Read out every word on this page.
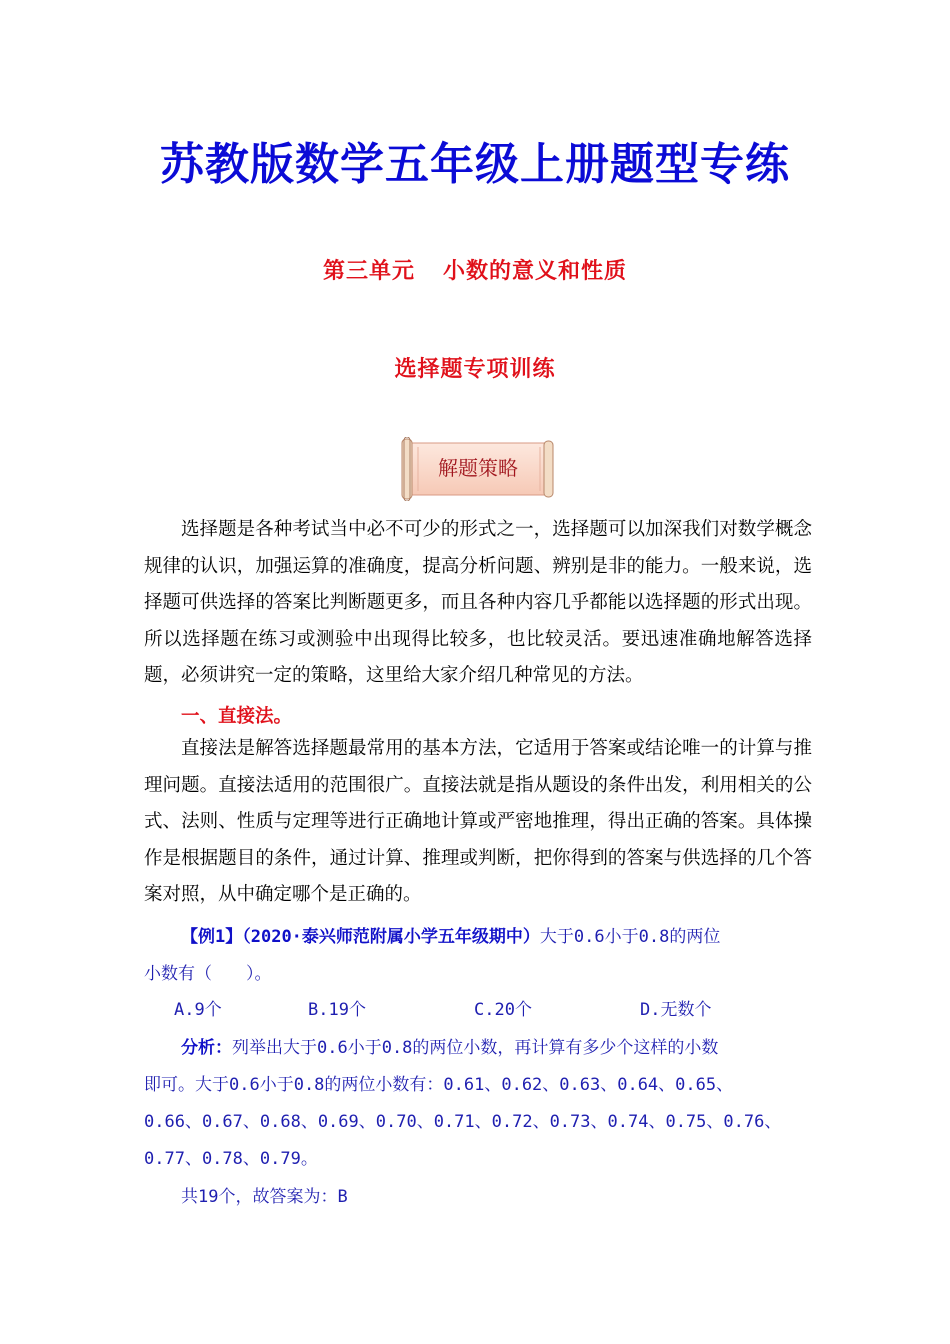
苏教版数学五年级上册题型专练
第三单元 小数的意义和性质
选择题专项训练
解题策略
选择题是各种考试当中必不可少的形式之一，选择题可以加深我们对数学概念规律的认识，加强运算的准确度，提高分析问题、辨别是非的能力。一般来说，选择题可供选择的答案比判断题更多，而且各种内容几乎都能以选择题的形式出现。所以选择题在练习或测验中出现得比较多，也比较灵活。要迅速准确地解答选择题，必须讲究一定的策略，这里给大家介绍几种常见的方法。
一、直接法。
直接法是解答选择题最常用的基本方法，它适用于答案或结论唯一的计算与推理问题。直接法适用的范围很广。直接法就是指从题设的条件出发，利用相关的公式、法则、性质与定理等进行正确地计算或严密地推理，得出正确的答案。具体操作是根据题目的条件，通过计算、推理或判断，把你得到的答案与供选择的几个答案对照，从中确定哪个是正确的。
【例1】（2020·泰兴师范附属小学五年级期中）大于0.6小于0.8的两位
小数有（　　）。
A.9个	B.19个	C.20个	D.无数个
分析：列举出大于0.6小于0.8的两位小数，再计算有多少个这样的小数
即可。大于0.6小于0.8的两位小数有：0.61、0.62、0.63、0.64、0.65、
0.66、0.67、0.68、0.69、0.70、0.71、0.72、0.73、0.74、0.75、0.76、
0.77、0.78、0.79。
共19个，故答案为：B
